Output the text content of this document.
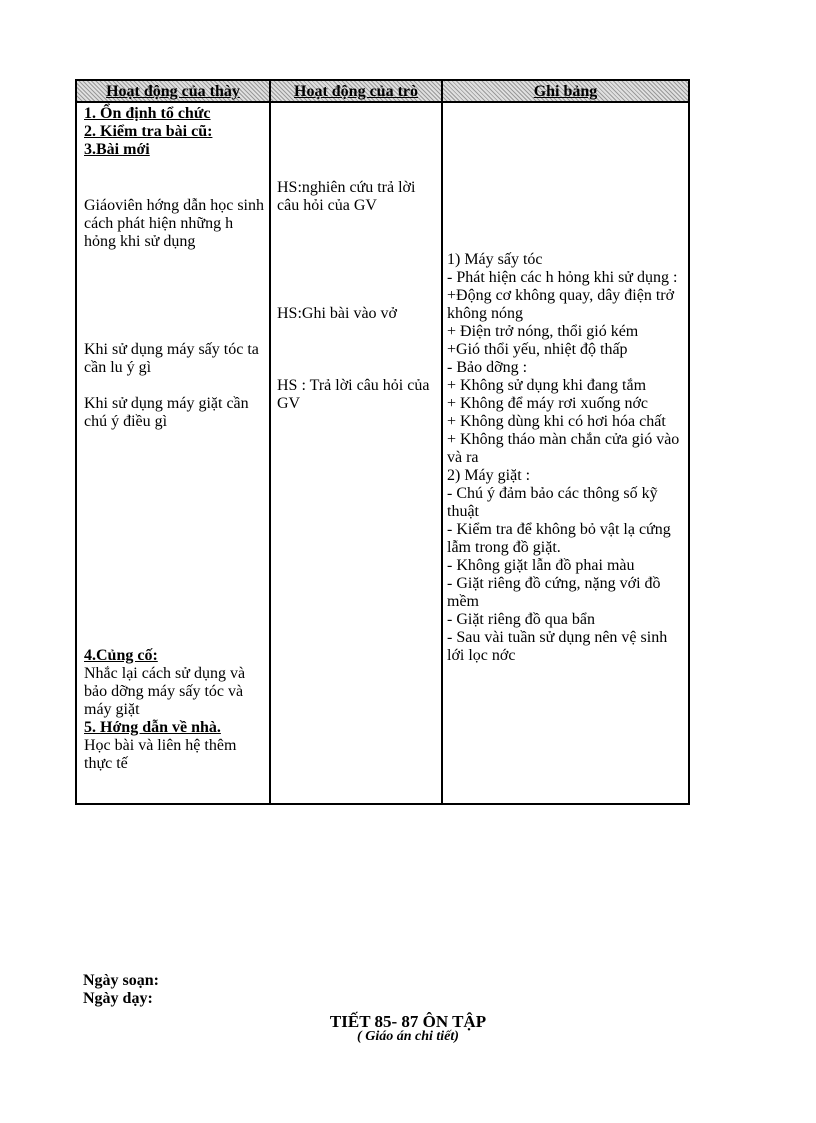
Hoạt động của thày	Hoạt động của trò	Ghi bảng

1. Ổn định tổ chức

2. Kiểm tra bài cũ:

3.Bài mới

Giáoviên hớng dẫn học sinh cách phát hiện những h hỏng khi sử dụng
Khi sử dụng máy sấy tóc ta cần lu ý gì
Khi sử dụng máy giặt cần chú ý điều gì

4.Củng cố:

Nhắc lại cách sử dụng và bảo dỡng máy sấy tóc và máy giặt

5. Hớng dẫn về nhà.

Học bài và liên hệ thêm thực tế

HS:nghiên cứu trả lời câu hỏi của GV
HS:Ghi bài vào vở
HS : Trả lời câu hỏi của GV

1) Máy sấy tóc

- Phát hiện các h hỏng khi sử dụng :

+Động cơ không quay, dây điện trở không nóng

+ Điện trở nóng, thổi gió kém

+Gió thổi yếu, nhiệt độ thấp

- Bảo dỡng :

+ Không sử dụng khi đang tắm

+ Không để máy rơi xuống nớc

+ Không dùng khi có hơi hóa chất

+ Không tháo màn chắn cửa gió vào và ra

2) Máy giặt :

- Chú ý đảm bảo các thông số kỹ thuật

- Kiểm tra để không bỏ vật lạ cứng lẫm trong đồ giặt.

- Không giặt lẫn đồ phai màu

- Giặt riêng đồ cứng, nặng với đồ mềm

- Giặt riêng đồ qua bẩn

- Sau vài tuần sử dụng nên vệ sinh lới lọc nớc

Ngày soạn:
Ngày dạy:
TIẾT 85- 87 ÔN TẬP
( Giáo án chi tiết)
